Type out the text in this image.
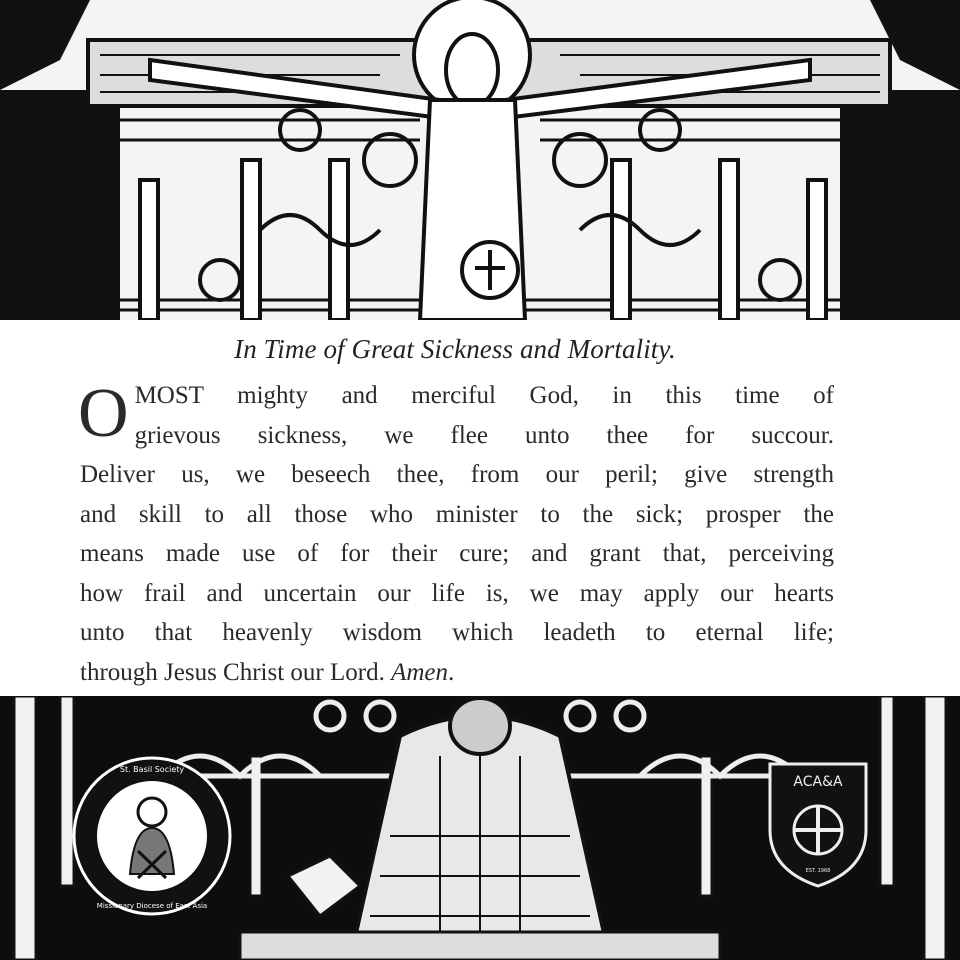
In Time of Great Sickness and Mortality.
O MOST mighty and merciful God, in this time of
grievous sickness, we flee unto thee for succour.
Deliver us, we beseech thee, from our peril; give strength
and skill to all those who minister to the sick; prosper the
means made use of for their cure; and grant that, perceiving
how frail and uncertain our life is, we may apply our hearts
unto that heavenly wisdom which leadeth to eternal life;
through Jesus Christ our Lord. Amen.
St. Basil Society
Missionary Diocese of East Asia
ACA&A
EST. 1968
